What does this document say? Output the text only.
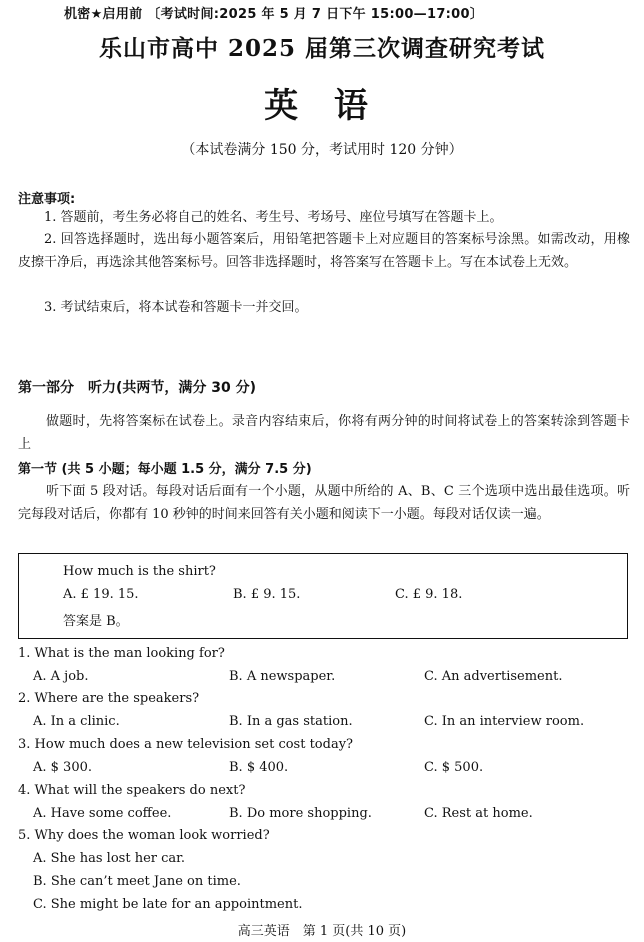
机密★启用前 〔考试时间:2025 年 5 月 7 日下午 15:00—17:00〕
乐山市高中 2025 届第三次调查研究考试
英 语
（本试卷满分 150 分，考试用时 120 分钟）
注意事项:
1. 答题前，考生务必将自己的姓名、考生号、考场号、座位号填写在答题卡上。
2. 回答选择题时，选出每小题答案后，用铅笔把答题卡上对应题目的答案标号涂黑。如需改动，用橡皮擦干净后，再选涂其他答案标号。回答非选择题时，将答案写在答题卡上。写在本试卷上无效。
3. 考试结束后，将本试卷和答题卡一并交回。
第一部分　听力(共两节，满分 30 分)
做题时，先将答案标在试卷上。录音内容结束后，你将有两分钟的时间将试卷上的答案转涂到答题卡上
第一节 (共 5 小题；每小题 1.5 分，满分 7.5 分)
听下面 5 段对话。每段对话后面有一个小题，从题中所给的 A、B、C 三个选项中选出最佳选项。听完每段对话后，你都有 10 秒钟的时间来回答有关小题和阅读下一小题。每段对话仅读一遍。
How much is the shirt?
A. £ 19. 15.	B. £ 9. 15.	C. £ 9. 18.
答案是 B。
1. What is the man looking for?
A. A job.	B. A newspaper.	C. An advertisement.
2. Where are the speakers?
A. In a clinic.	B. In a gas station.	C. In an interview room.
3. How much does a new television set cost today?
A. $ 300.	B. $ 400.	C. $ 500.
4. What will the speakers do next?
A. Have some coffee.	B. Do more shopping.	C. Rest at home.
5. Why does the woman look worried?
A. She has lost her car.
B. She can’t meet Jane on time.
C. She might be late for an appointment.
高三英语　第 1 页(共 10 页)
